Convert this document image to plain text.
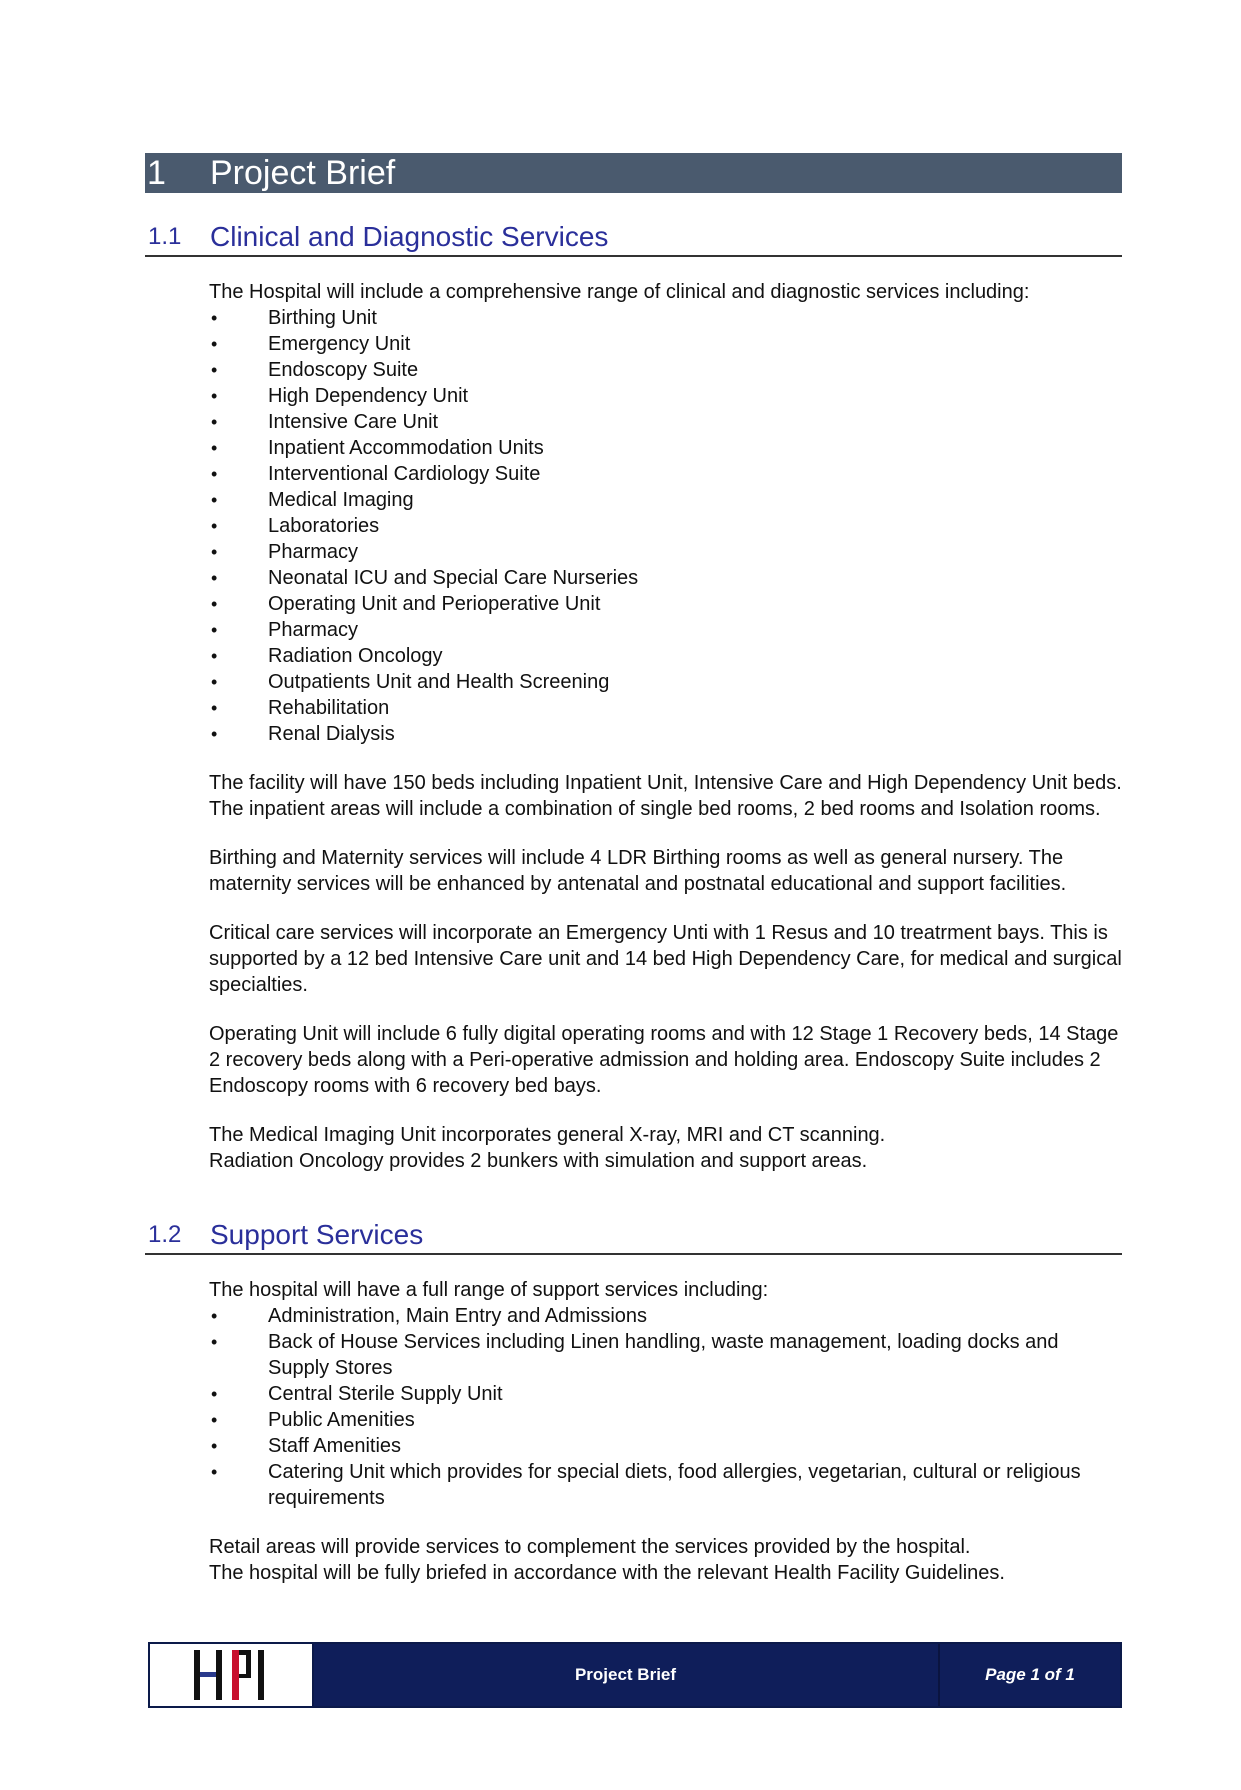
1 Project Brief
1.1 Clinical and Diagnostic Services

The Hospital will include a comprehensive range of clinical and diagnostic services including:

•	Birthing Unit
•	Emergency Unit
•	Endoscopy Suite
•	High Dependency Unit
•	Intensive Care Unit
•	Inpatient Accommodation Units
•	Interventional Cardiology Suite
•	Medical Imaging
•	Laboratories
•	Pharmacy
•	Neonatal ICU and Special Care Nurseries
•	Operating Unit and Perioperative Unit
•	Pharmacy
•	Radiation Oncology
•	Outpatients Unit and Health Screening
•	Rehabilitation
•	Renal Dialysis

The facility will have 150 beds including Inpatient Unit, Intensive Care and High Dependency Unit beds. The inpatient areas will include a combination of single bed rooms, 2 bed rooms and Isolation rooms.

Birthing and Maternity services will include 4 LDR Birthing rooms as well as general nursery. The maternity services will be enhanced by antenatal and postnatal educational and support facilities.

Critical care services will incorporate an Emergency Unti with 1 Resus and 10 treatrment bays. This is supported by a 12 bed Intensive Care unit and 14 bed High Dependency Care, for medical and surgical specialties.

Operating Unit will include 6 fully digital operating rooms and with 12 Stage 1 Recovery beds, 14 Stage 2 recovery beds along with a Peri-operative admission and holding area. Endoscopy Suite includes 2 Endoscopy rooms with 6 recovery bed bays.

The Medical Imaging Unit incorporates general X-ray, MRI and CT scanning.
Radiation Oncology provides 2 bunkers with simulation and support areas.

1.2 Support Services

The hospital will have a full range of support services including:

•	Administration, Main Entry and Admissions
•	Back of House Services including Linen handling, waste management, loading docks and Supply Stores
•	Central Sterile Supply Unit
•	Public Amenities
•	Staff Amenities
•	Catering Unit which provides for special diets, food allergies, vegetarian, cultural or religious requirements

Retail areas will provide services to complement the services provided by the hospital.
The hospital will be fully briefed in accordance with the relevant Health Facility Guidelines.

Project Brief	Page 1 of 1
